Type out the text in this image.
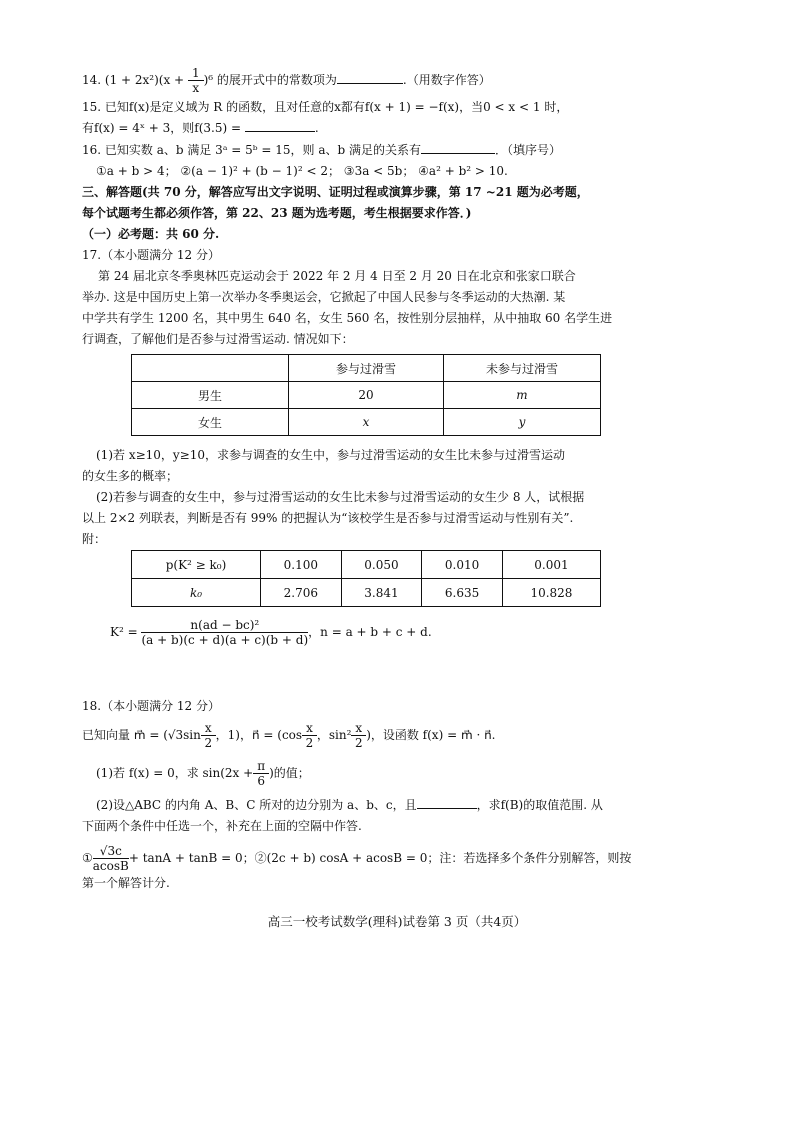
14. $(1 + 2x^2)(x + \frac{1}{x} )^6$ 的展开式中的常数项为	.（用数字作答）
15. 已知f(x)是定义域为 R 的函数，且对任意的x都有f(x + 1) = −f(x)，当0 < x < 1 时，
有f(x) = 4ˣ + 3，则f(3.5) =	.
16. 已知实数 a、b 满足 3ᵃ = 5ᵇ = 15，则 a、b 满足的关系有	．（填序号）
①a + b > 4； ②(a − 1)² + (b − 1)² < 2； ③3a < 5b； ④a² + b² > 10.
三、解答题(共 70 分，解答应写出文字说明、证明过程或演算步骤，第 17 ~21 题为必考题，
每个试题考生都必须作答，第 22、23 题为选考题，考生根据要求作答．)
（一）必考题：共 60 分.
17.（本小题满分 12 分）
第 24 届北京冬季奥林匹克运动会于 2022 年 2 月 4 日至 2 月 20 日在北京和张家口联合
举办. 这是中国历史上第一次举办冬季奥运会，它掀起了中国人民参与冬季运动的大热潮. 某
中学共有学生 1200 名，其中男生 640 名，女生 560 名，按性别分层抽样，从中抽取 60 名学生进
行调查，了解他们是否参与过滑雪运动. 情况如下：
	参与过滑雪	未参与过滑雪
男生	20	m
女生	x	y
(1)若 x≥10，y≥10，求参与调查的女生中，参与过滑雪运动的女生比未参与过滑雪运动
的女生多的概率；
(2)若参与调查的女生中，参与过滑雪运动的女生比未参与过滑雪运动的女生少 8 人，试根据
以上 2×2 列联表，判断是否有 99% 的把握认为“该校学生是否参与过滑雪运动与性别有关”.
附：
p(K² ≥ k₀)	0.100	0.050	0.010	0.001
k₀	2.706	3.841	6.635	10.828
$K^2 = \frac{\text{n(ad − bc)²}}{(a + b)(c + d)(a + c)(b + d)}$ ，n = a + b + c + d.
18.（本小题满分 12 分）
已知向量 m⃗ = ($√3\sin \frac{x}{2}$ ，1)，n⃗ = ($\cos \frac{x}{2}$ ，$\sin^2 \frac{x}{2}$ )，设函数 f(x) = m⃗ · n⃗.
(1)若 f(x) = 0，求 $\sin(2x + \frac{\pi}{6}$ )的值；
(2)设△ABC 的内角 A、B、C 所对的边分别为 a、b、c，且	，求f(B)的取值范围. 从
下面两个条件中任选一个，补充在上面的空隔中作答.
① $\frac{√3c}{acosB} + \tan A + \tan B = 0$；②(2c + b) cosA + acosB = 0；注：若选择多个条件分别解答，则按
第一个解答计分.
高三一校考试数学(理科)试卷第 3 页（共4页）
